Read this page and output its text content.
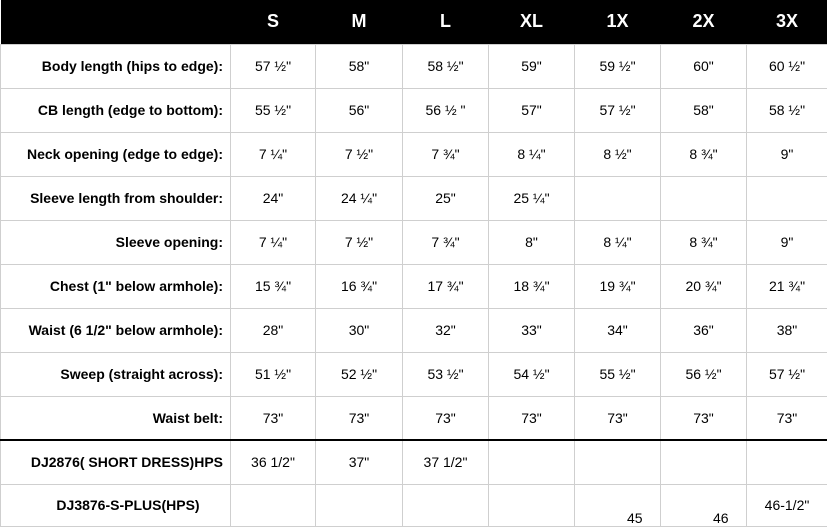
	S	M	L	XL	1X	2X	3X
Body length (hips to edge):	57 ½"	58"	58 ½"	59"	59 ½"	60"	60 ½"
CB length (edge to bottom):	55 ½"	56"	56 ½ "	57"	57 ½"	58"	58 ½"
Neck opening (edge to edge):	7 ¼"	7 ½"	7 ¾"	8 ¼"	8 ½"	8 ¾"	9"
Sleeve length from shoulder:	24"	24 ¼"	25"	25 ¼"			
Sleeve opening:	7 ¼"	7 ½"	7 ¾"	8"	8 ¼"	8 ¾"	9"
Chest (1" below armhole):	15 ¾"	16 ¾"	17 ¾"	18 ¾"	19 ¾"	20 ¾"	21 ¾"
Waist (6 1/2" below armhole):	28"	30"	32"	33"	34"	36"	38"
Sweep (straight across):	51 ½"	52 ½"	53 ½"	54 ½"	55 ½"	56 ½"	57 ½"
Waist belt:	73"	73"	73"	73"	73"	73"	73"
DJ2876( SHORT DRESS)HPS	36 1/2"	37"	37 1/2"				
DJ3876-S-PLUS(HPS)					45	46	46-1/2"
